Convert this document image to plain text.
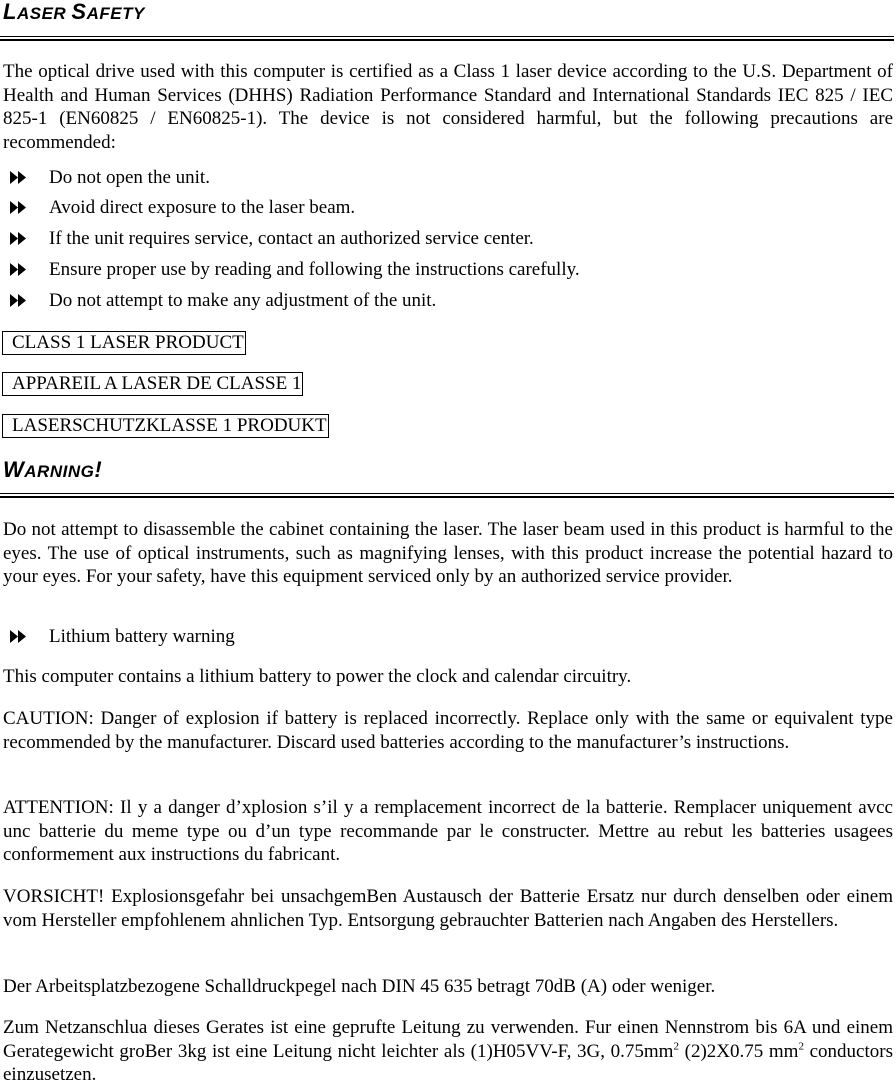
LASER SAFETY

The optical drive used with this computer is certified as a Class 1 laser device according to the U.S. Department of Health and Human Services (DHHS) Radiation Performance Standard and International Standards IEC 825 / IEC 825-1 (EN60825 / EN60825-1). The device is not considered harmful, but the following precautions are recommended:

Do not open the unit.
Avoid direct exposure to the laser beam.
If the unit requires service, contact an authorized service center.
Ensure proper use by reading and following the instructions carefully.
Do not attempt to make any adjustment of the unit.
CLASS 1 LASER PRODUCT
APPAREIL A LASER DE CLASSE 1
LASERSCHUTZKLASSE 1 PRODUKT
WARNING!

Do not attempt to disassemble the cabinet containing the laser. The laser beam used in this product is harmful to the eyes. The use of optical instruments, such as magnifying lenses, with this product increase the potential hazard to your eyes. For your safety, have this equipment serviced only by an authorized service provider.

Lithium battery warning

This computer contains a lithium battery to power the clock and calendar circuitry.

CAUTION: Danger of explosion if battery is replaced incorrectly. Replace only with the same or equivalent type recommended by the manufacturer. Discard used batteries according to the manufacturer’s instructions.

ATTENTION: Il y a danger d’xplosion s’il y a remplacement incorrect de la batterie. Remplacer uniquement avcc unc batterie du meme type ou d’un type recommande par le constructer. Mettre au rebut les batteries usagees conformement aux instructions du fabricant.

VORSICHT! Explosionsgefahr bei unsachgemBen Austausch der Batterie Ersatz nur durch denselben oder einem vom Hersteller empfohlenem ahnlichen Typ. Entsorgung gebrauchter Batterien nach Angaben des Herstellers.

Der Arbeitsplatzbezogene Schalldruckpegel nach DIN 45 635 betragt 70dB (A) oder weniger.

Zum Netzanschlua dieses Gerates ist eine geprufte Leitung zu verwenden. Fur einen Nennstrom bis 6A und einem Gerategewicht groBer 3kg ist eine Leitung nicht leichter als (1)H05VV-F, 3G, $0.75mm^2$ (2)2X0.75 $mm^2$ conductors einzusetzen.
